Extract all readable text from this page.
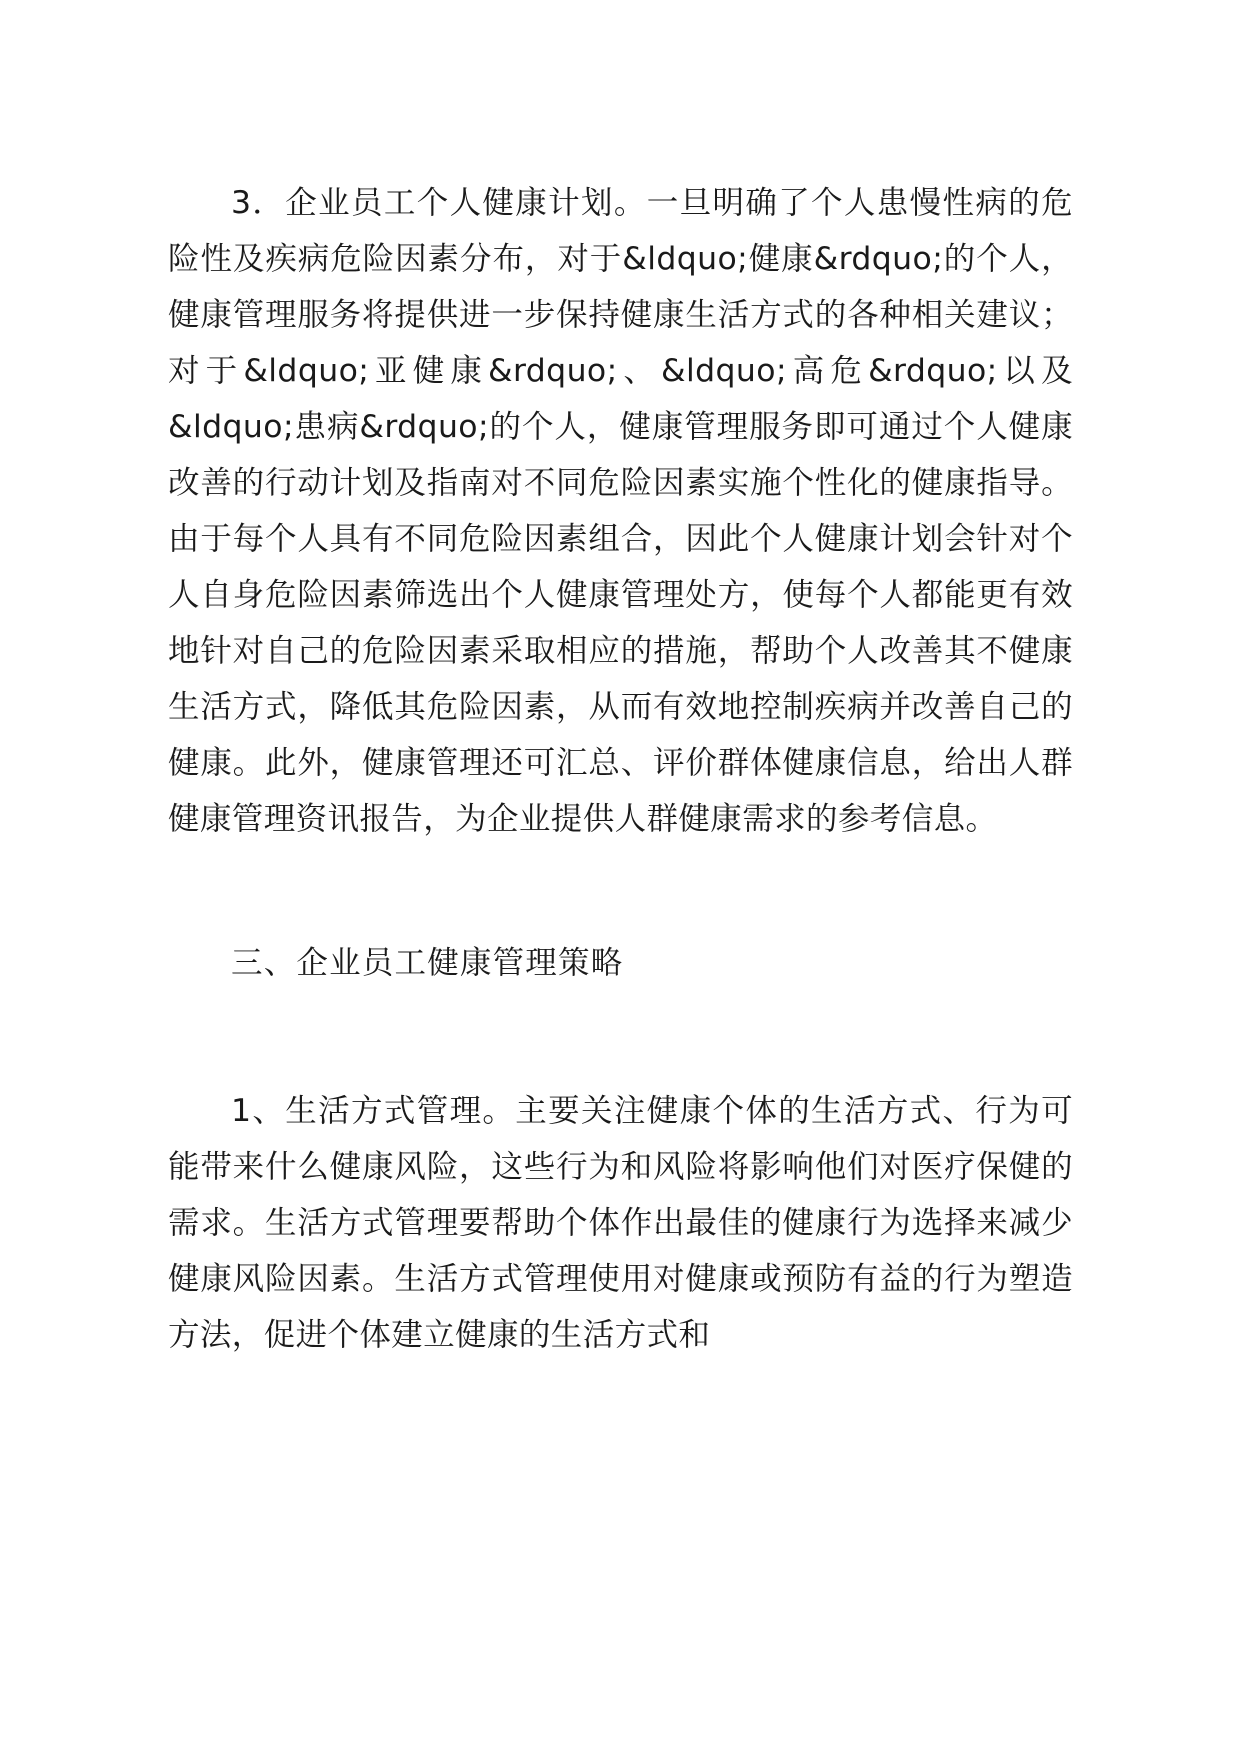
3．企业员工个人健康计划。一旦明确了个人患慢性病的危险性及疾病危险因素分布，对于&ldquo;健康&rdquo;的个人，健康管理服务将提供进一步保持健康生活方式的各种相关建议；对于&ldquo;亚健康&rdquo;、&ldquo;高危&rdquo;以及&ldquo;患病&rdquo;的个人，健康管理服务即可通过个人健康改善的行动计划及指南对不同危险因素实施个性化的健康指导。由于每个人具有不同危险因素组合，因此个人健康计划会针对个人自身危险因素筛选出个人健康管理处方，使每个人都能更有效地针对自己的危险因素采取相应的措施，帮助个人改善其不健康生活方式，降低其危险因素，从而有效地控制疾病并改善自己的健康。此外，健康管理还可汇总、评价群体健康信息，给出人群健康管理资讯报告，为企业提供人群健康需求的参考信息。

三、企业员工健康管理策略

1、生活方式管理。主要关注健康个体的生活方式、行为可能带来什么健康风险，这些行为和风险将影响他们对医疗保健的需求。生活方式管理要帮助个体作出最佳的健康行为选择来减少健康风险因素。生活方式管理使用对健康或预防有益的行为塑造方法，促进个体建立健康的生活方式和
